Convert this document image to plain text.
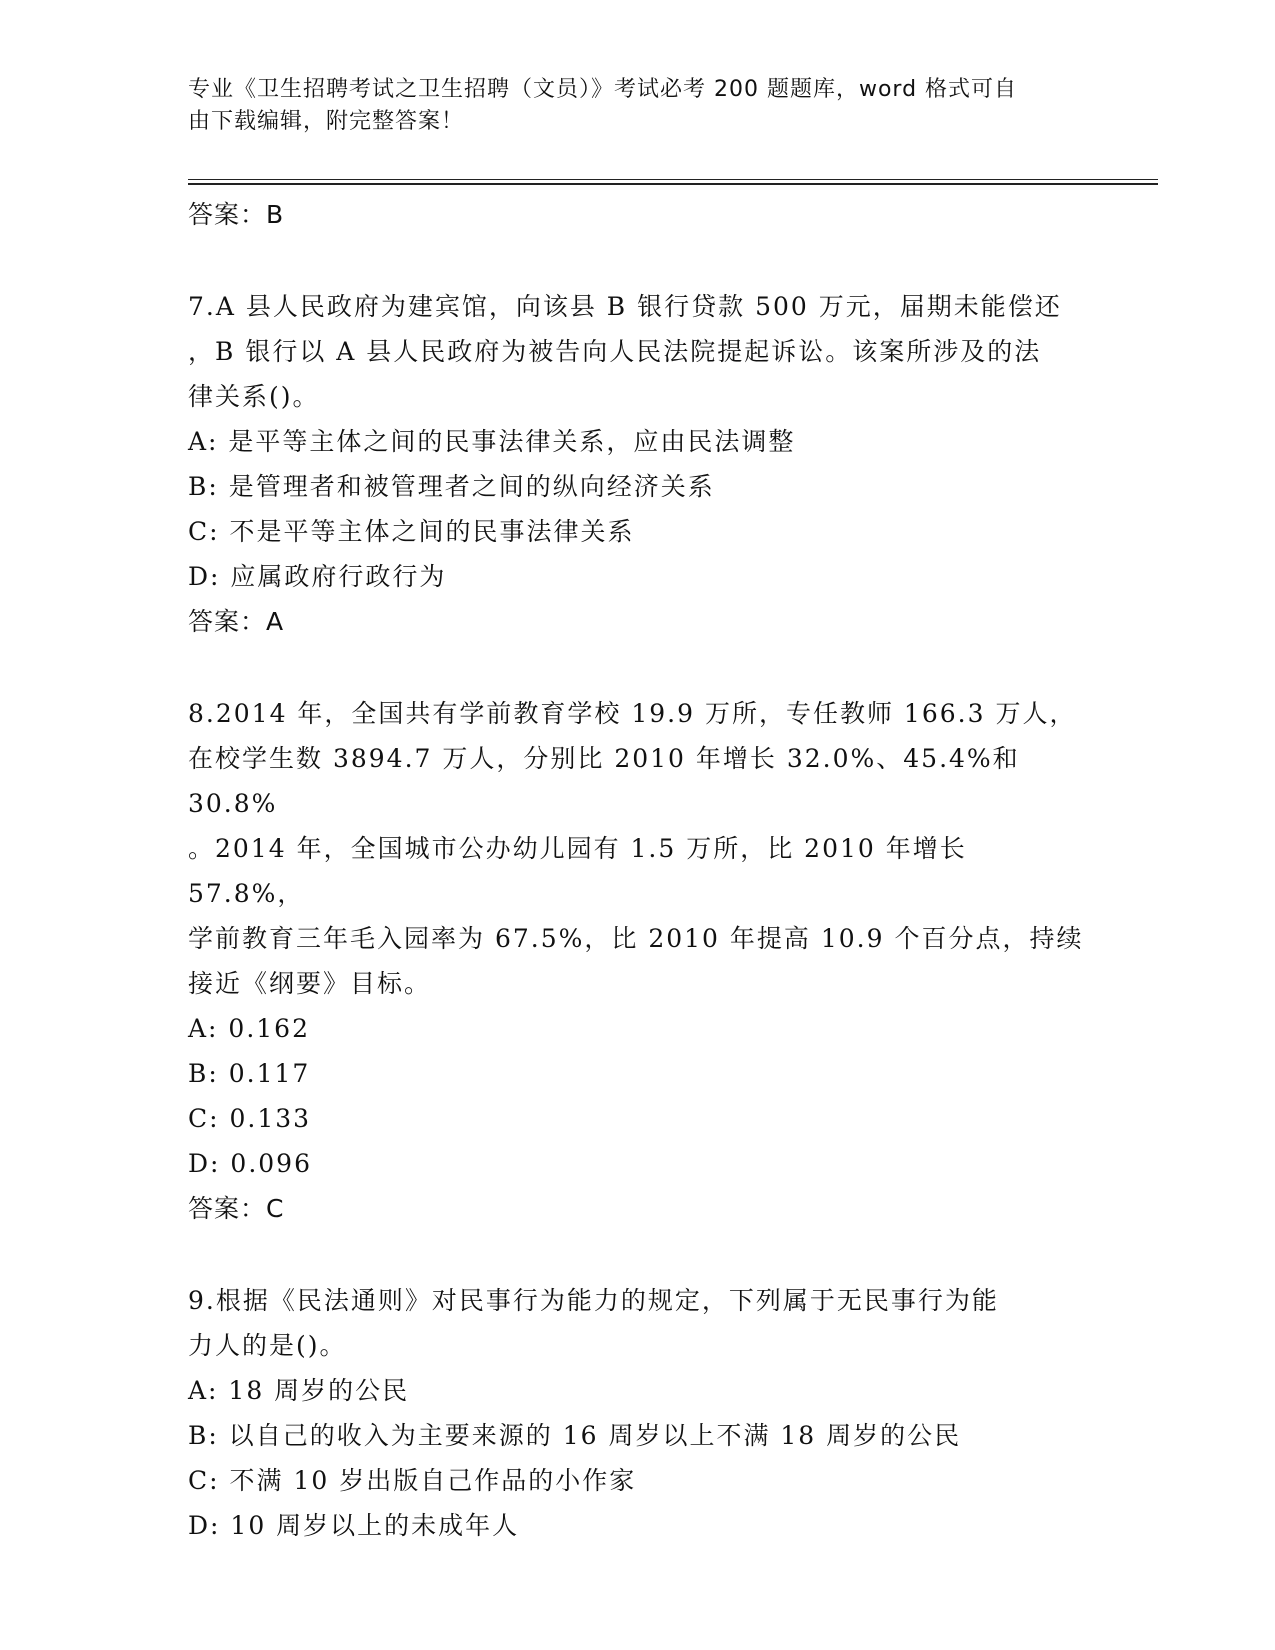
专业《卫生招聘考试之卫生招聘（文员）》考试必考 200 题题库，word 格式可自
由下载编辑，附完整答案！
答案：B
7.A 县人民政府为建宾馆，向该县 B 银行贷款 500 万元，届期未能偿还
，B 银行以 A 县人民政府为被告向人民法院提起诉讼。该案所涉及的法
律关系()。
A: 是平等主体之间的民事法律关系，应由民法调整
B: 是管理者和被管理者之间的纵向经济关系
C: 不是平等主体之间的民事法律关系
D: 应属政府行政行为
答案：A
8.2014 年，全国共有学前教育学校 19.9 万所，专任教师 166.3 万人，
在校学生数 3894.7 万人，分别比 2010 年增长 32.0%、45.4%和 30.8%
。2014 年，全国城市公办幼儿园有 1.5 万所，比 2010 年增长 57.8%，
学前教育三年毛入园率为 67.5%，比 2010 年提高 10.9 个百分点，持续
接近《纲要》目标。
A: 0.162
B: 0.117
C: 0.133
D: 0.096
答案：C
9.根据《民法通则》对民事行为能力的规定，下列属于无民事行为能
力人的是()。
A: 18 周岁的公民
B: 以自己的收入为主要来源的 16 周岁以上不满 18 周岁的公民
C: 不满 10 岁出版自己作品的小作家
D: 10 周岁以上的未成年人
